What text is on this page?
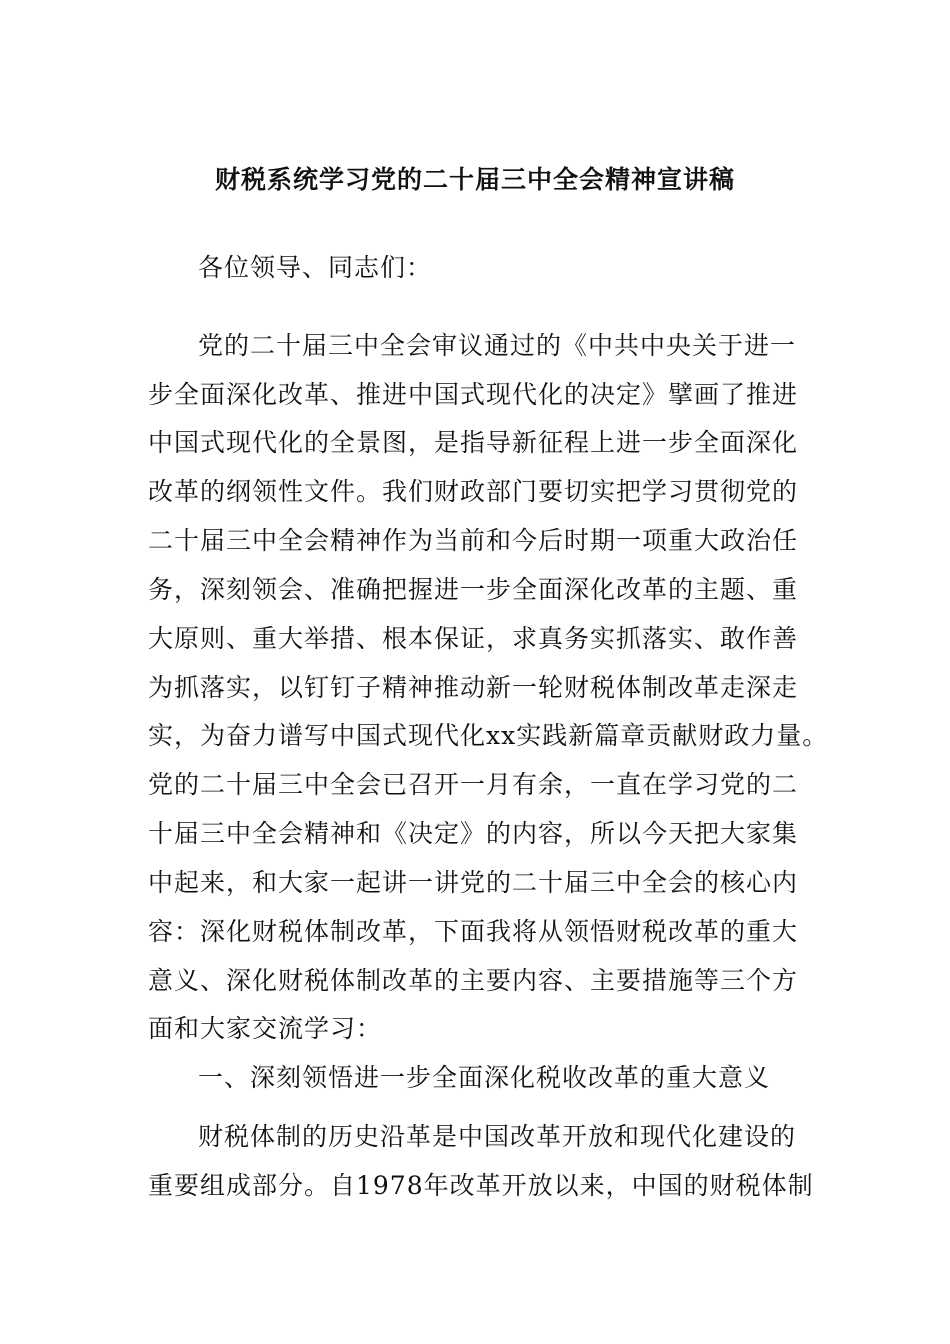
财税系统学习党的二十届三中全会精神宣讲稿
各位领导、同志们：
党的二十届三中全会审议通过的《中共中央关于进一
步全面深化改革、推进中国式现代化的决定》擘画了推进
中国式现代化的全景图，是指导新征程上进一步全面深化
改革的纲领性文件。我们财政部门要切实把学习贯彻党的
二十届三中全会精神作为当前和今后时期一项重大政治任
务，深刻领会、准确把握进一步全面深化改革的主题、重
大原则、重大举措、根本保证，求真务实抓落实、敢作善
为抓落实，以钉钉子精神推动新一轮财税体制改革走深走
实，为奋力谱写中国式现代化xx实践新篇章贡献财政力量。
党的二十届三中全会已召开一月有余，一直在学习党的二
十届三中全会精神和《决定》的内容，所以今天把大家集
中起来，和大家一起讲一讲党的二十届三中全会的核心内
容：深化财税体制改革，下面我将从领悟财税改革的重大
意义、深化财税体制改革的主要内容、主要措施等三个方
面和大家交流学习：
一、深刻领悟进一步全面深化税收改革的重大意义
财税体制的历史沿革是中国改革开放和现代化建设的
重要组成部分。自1978年改革开放以来，中国的财税体制
